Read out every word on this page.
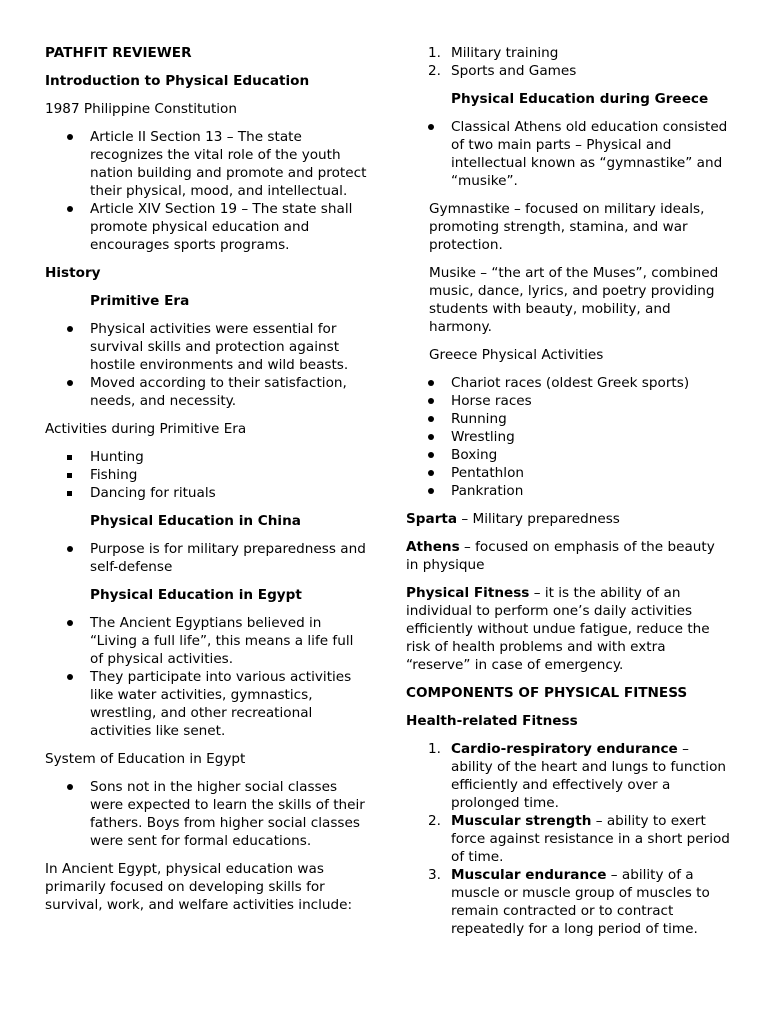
PATHFIT REVIEWER

Introduction to Physical Education

1987 Philippine Constitution

Article II Section 13 – The state recognizes the vital role of the youth nation building and promote and protect their physical, mood, and intellectual.
Article XIV Section 19 – The state shall promote physical education and encourages sports programs.

History

Primitive Era

Physical activities were essential for survival skills and protection against hostile environments and wild beasts.
Moved according to their satisfaction, needs, and necessity.

Activities during Primitive Era

Hunting
Fishing
Dancing for rituals

Physical Education in China

Purpose is for military preparedness and self-defense

Physical Education in Egypt

The Ancient Egyptians believed in “Living a full life”, this means a life full of physical activities.
They participate into various activities like water activities, gymnastics, wrestling, and other recreational activities like senet.

System of Education in Egypt

Sons not in the higher social classes were expected to learn the skills of their fathers. Boys from higher social classes were sent for formal educations.

In Ancient Egypt, physical education was primarily focused on developing skills for survival, work, and welfare activities include:

1. Military training
2. Sports and Games

Physical Education during Greece

Classical Athens old education consisted of two main parts – Physical and intellectual known as “gymnastike” and “musike”.

Gymnastike – focused on military ideals, promoting strength, stamina, and war protection.

Musike – “the art of the Muses”, combined music, dance, lyrics, and poetry providing students with beauty, mobility, and harmony.

Greece Physical Activities

Chariot races (oldest Greek sports)
Horse races
Running
Wrestling
Boxing
Pentathlon
Pankration

Sparta – Military preparedness

Athens – focused on emphasis of the beauty in physique

Physical Fitness – it is the ability of an individual to perform one’s daily activities efficiently without undue fatigue, reduce the risk of health problems and with extra “reserve” in case of emergency.

COMPONENTS OF PHYSICAL FITNESS

Health-related Fitness

1. Cardio-respiratory endurance – ability of the heart and lungs to function efficiently and effectively over a prolonged time.
2. Muscular strength – ability to exert force against resistance in a short period of time.
3. Muscular endurance – ability of a muscle or muscle group of muscles to remain contracted or to contract repeatedly for a long period of time.
